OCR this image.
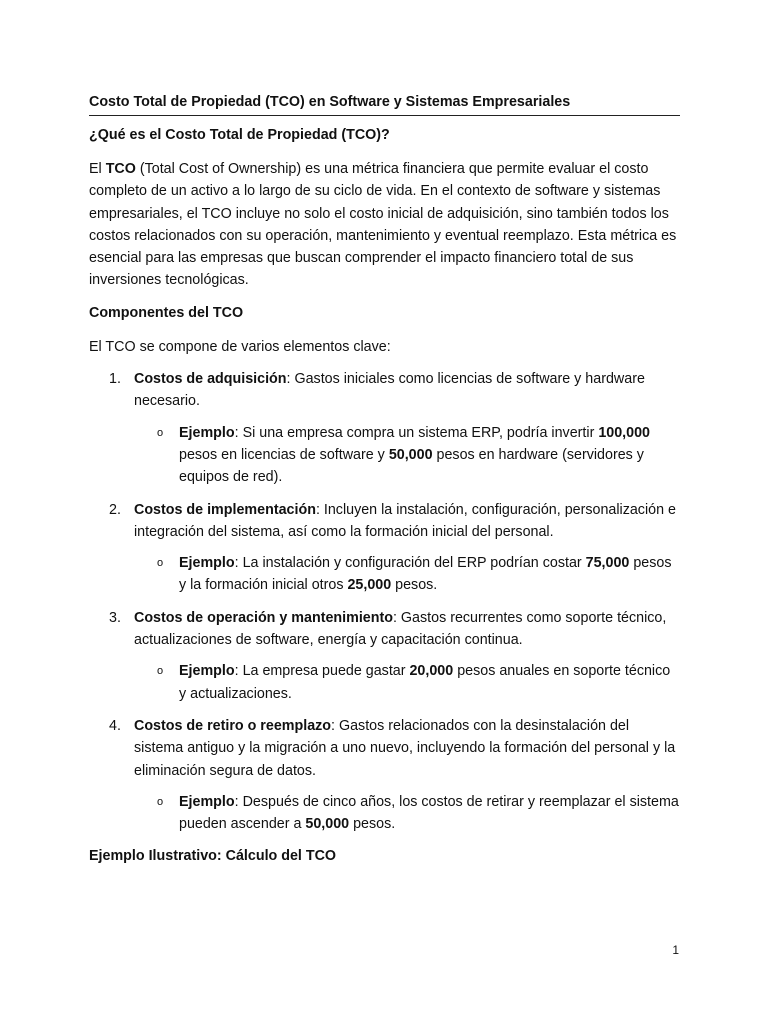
Costo Total de Propiedad (TCO) en Software y Sistemas Empresariales
¿Qué es el Costo Total de Propiedad (TCO)?

El TCO (Total Cost of Ownership) es una métrica financiera que permite evaluar el costo completo de un activo a lo largo de su ciclo de vida. En el contexto de software y sistemas empresariales, el TCO incluye no solo el costo inicial de adquisición, sino también todos los costos relacionados con su operación, mantenimiento y eventual reemplazo. Esta métrica es esencial para las empresas que buscan comprender el impacto financiero total de sus inversiones tecnológicas.

Componentes del TCO

El TCO se compone de varios elementos clave:

1. Costos de adquisición: Gastos iniciales como licencias de software y hardware necesario.
o Ejemplo: Si una empresa compra un sistema ERP, podría invertir 100,000 pesos en licencias de software y 50,000 pesos en hardware (servidores y equipos de red).
2. Costos de implementación: Incluyen la instalación, configuración, personalización e integración del sistema, así como la formación inicial del personal.
o Ejemplo: La instalación y configuración del ERP podrían costar 75,000 pesos y la formación inicial otros 25,000 pesos.
3. Costos de operación y mantenimiento: Gastos recurrentes como soporte técnico, actualizaciones de software, energía y capacitación continua.
o Ejemplo: La empresa puede gastar 20,000 pesos anuales en soporte técnico y actualizaciones.
4. Costos de retiro o reemplazo: Gastos relacionados con la desinstalación del sistema antiguo y la migración a uno nuevo, incluyendo la formación del personal y la eliminación segura de datos.
o Ejemplo: Después de cinco años, los costos de retirar y reemplazar el sistema pueden ascender a 50,000 pesos.
Ejemplo Ilustrativo: Cálculo del TCO
1
